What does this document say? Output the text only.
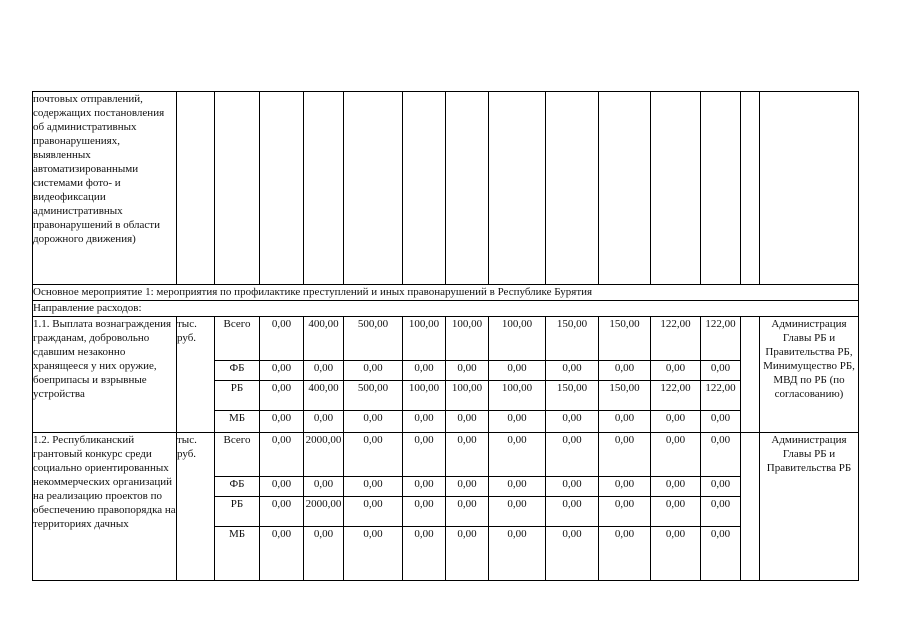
почтовых отправлений, содержащих постановления об административных правонарушениях, выявленных автоматизированными системами фото- и видеофиксации административных правонарушений в области дорожного движения)														
Основное мероприятие 1: мероприятия по профилактике преступлений и иных правонарушений в Республике Бурятия														
Направление расходов:														
1.1. Выплата вознаграждения гражданам, добровольно сдавшим незаконно хранящееся у них оружие, боеприпасы и взрывные устройства	тыс. руб.	Всего	0,00	400,00	500,00	100,00	100,00	100,00	150,00	150,00	122,00	122,00		Администрация Главы РБ и Правительства РБ, Минимущество РБ, МВД по РБ (по согласованию)
		ФБ	0,00	0,00	0,00	0,00	0,00	0,00	0,00	0,00	0,00	0,00		
		РБ	0,00	400,00	500,00	100,00	100,00	100,00	150,00	150,00	122,00	122,00		
		МБ	0,00	0,00	0,00	0,00	0,00	0,00	0,00	0,00	0,00	0,00		
1.2. Республиканский грантовый конкурс среди социально ориентированных некоммерческих организаций на реализацию проектов по обеспечению правопорядка на территориях дачных	тыс. руб.	Всего	0,00	2000,00	0,00	0,00	0,00	0,00	0,00	0,00	0,00	0,00		Администрация Главы РБ и Правительства РБ
		ФБ	0,00	0,00	0,00	0,00	0,00	0,00	0,00	0,00	0,00	0,00		
		РБ	0,00	2000,00	0,00	0,00	0,00	0,00	0,00	0,00	0,00	0,00		
		МБ	0,00	0,00	0,00	0,00	0,00	0,00	0,00	0,00	0,00	0,00		
